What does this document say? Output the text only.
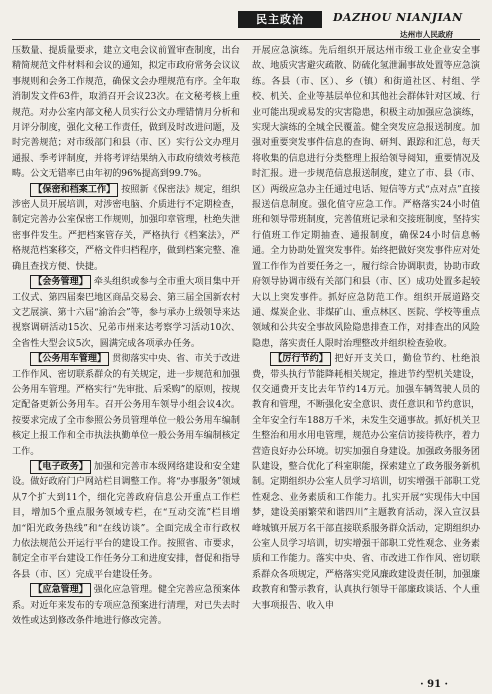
民主政治	DAZHOU NIANJIAN
达州市人民政府

压数量、提质量要求，建立文电会议前置审查制度，出台精简规范文件材料和会议的通知，拟定市政府常务会议议事规则和会务工作规范，确保文会办理规范有序。全年取消制发文件63件，取消召开会议23次。在文秘考核上重规范。对办公室内部文秘人员实行公文办理错情月分析和月评分制度，强化文秘工作责任，做到及时改进问题，及时完善规范；对市级部门和县（市、区）实行公文办理月通报、季考评制度，并将考评结果纳入市政府绩效考核范畴。公文无错率已由年初的96%提高到99.7%。

【保密和档案工作】 按照新《保密法》规定，组织涉密人员开展培训，对涉密电脑、介质进行不定期检查，制定完善办公室保密工作规则，加强印章管理，杜绝失泄密事件发生。严把档案管存关，严格执行《档案法》，严格规范档案移交，严格文件归档程序，做到档案完整、准确且查找方便、快捷。

【会务管理】 牵头组织或参与全市重大项目集中开工仪式、第四届秦巴地区商品交易会、第三届全国新农村文艺展演、第十六届“渝治会”等，参与承办上级领导来达视察调研活动15次、兄弟市州来达考察学习活动10次、全省性大型会议5次，圆满完成各项承办任务。

【公务用车管理】 贯彻落实中央、省、市关于改进工作作风、密切联系群众的有关规定，进一步规范和加强公务用车管理。严格实行“先审批、后采购”的原则，按规定配备更新公务用车。召开公务用车领导小组会议4次。按要求完成了全市参照公务员管理单位一般公务用车编制核定上报工作和全市执法执勤单位一般公务用车编制核定工作。

【电子政务】 加强和完善市本级网络建设和安全建设。做好政府门户网站栏目调整工作。将“办事服务”领域从7个扩大到11个，细化完善政府信息公开重点工作栏目，增加5个重点服务领域专栏，在“互动交流”栏目增加“阳光政务热线”和“在线访谈”。全面完成全市行政权力依法规范公开运行平台的建设工作。按照省、市要求，制定全市平台建设工作任务分工和进度安排，督促和指导各县（市、区）完成平台建设任务。

【应急管理】 强化应急管理。健全完善应急预案体系。对近年来发布的专项应急预案进行清理，对已失去时效性或达到修改条件地进行修改完善。

开展应急演练。先后组织开展达州市级工业企业安全事故、地质灾害避灾疏散、防硫化氢泄漏事故处置等应急演练。各县（市、区）、乡（镇）和街道社区、村组、学校、机关、企业等基层单位和其他社会群体针对区域、行业可能出现或易发的灾害隐患，积极主动加强应急演练，实现大演练的全城全民覆盖。健全突发应急报送制度。加强对重要突发事件信息的查询、研判、跟踪和汇总，每天将收集的信息进行分类整理上报给领导阅知，重要情况及时汇报。进一步规范信息报送制度，建立了市、县（市、区）两级应急办主任通过电话、短信等方式“点对点”直接报送信息制度。强化值守应急工作。严格落实24小时值班和领导带班制度，完善值班记录和交接班制度，坚持实行值班工作定期抽查、通报制度，确保24小时信息畅通。全力协助处置突发事件。始终把做好突发事件应对处置工作作为首要任务之一，履行综合协调职责，协助市政府领导协调市级有关部门和县（市、区）成功处置多起较大以上突发事件。抓好应急防范工作。组织开展道路交通、煤炭企业、非煤矿山、重点林区、医院、学校等重点领域和公共安全事故风险隐患排查工作，对排查出的风险隐患，落实责任人限时治理整改并组织检查验收。

【厉行节约】 把好开支关口，勤俭节约、杜绝浪费，带头执行节能降耗相关规定，推进节约型机关建设，仅交通费开支比去年节约14万元。加强车辆驾驶人员的教育和管理，不断强化安全意识、责任意识和节约意识，全年安全行车188万千米，未发生交通事故。抓好机关卫生整治和用水用电管理，规范办公室信访接待秩序，着力营造良好办公环境。切实加强自身建设。加强政务服务团队建设，整合优化了科室职能，探索建立了政务服务新机制。定期组织办公室人员学习培训，切实增强干部职工党性观念、业务素质和工作能力。扎实开展“实现伟大中国梦，建设美丽繁荣和谐四川”主题教育活动，深入宣汉县峰城镇开展万名干部直接联系服务群众活动，定期组织办公室人员学习培训，切实增强干部职工党性观念、业务素质和工作能力。落实中央、省、市改进工作作风、密切联系群众各项规定，严格落实党风廉政建设责任制，加强廉政教育和警示教育，认真执行领导干部廉政谈话、个人重大事项报告、收入申

· 91 ·
